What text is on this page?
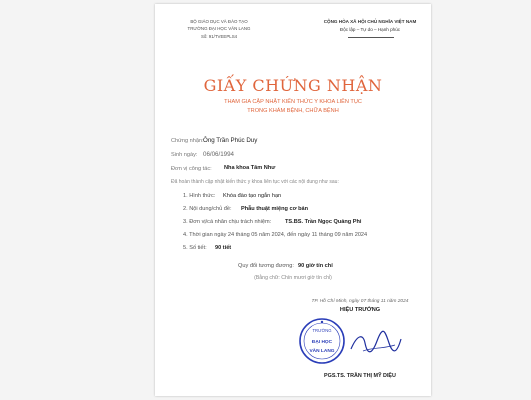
BỘ GIÁO DỤC VÀ ĐÀO TẠO
TRƯỜNG ĐẠI HỌC VĂN LANG
Số: 91/TVEEPLS4
CỘNG HÒA XÃ HỘI CHỦ NGHĨA VIỆT NAM
Độc lập – Tự do – Hạnh phúc
GIẤY CHỨNG NHẬN
THAM GIA CẬP NHẬT KIẾN THỨC Y KHOA LIÊN TỤC
TRONG KHÁM BỆNH, CHỮA BỆNH
Chứng nhận: Ông Trần Phúc Duy
Sinh ngày: 06/06/1994
Đơn vị công tác: Nha khoa Tâm Như
Đã hoàn thành cập nhật kiến thức y khoa liên tục với các nội dung như sau:
1. Hình thức: Khóa đào tạo ngắn hạn
2. Nội dung/chủ đề: Phẫu thuật miệng cơ bản
3. Đơn vị/cá nhân chịu trách nhiệm: TS.BS. Trần Ngọc Quảng Phi
4. Thời gian ngày 24 tháng 05 năm 2024, đến ngày 11 tháng 09 năm 2024
5. Số tiết: 90 tiết
Quy đổi tương đương: 90 giờ tín chỉ
(Bằng chữ: Chín mươi giờ tín chỉ)
TP. Hồ Chí Minh, ngày 07 tháng 11 năm 2024
HIỆU TRƯỞNG
TRƯỜNG
ĐẠI HỌC
VĂN LANG
PGS.TS. TRẦN THỊ MỸ DIỆU
